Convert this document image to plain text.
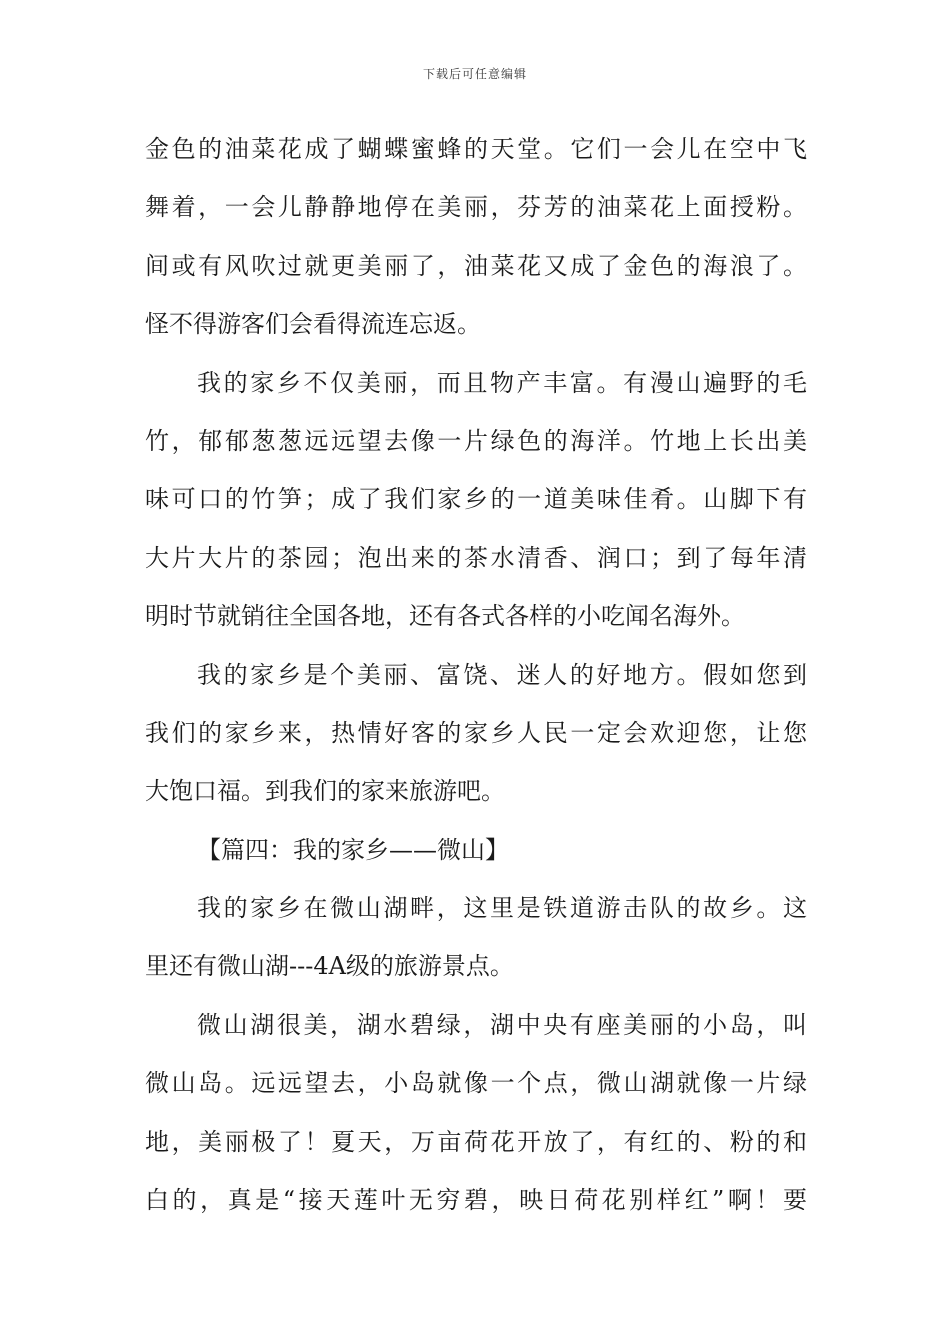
下载后可任意编辑
金色的油菜花成了蝴蝶蜜蜂的天堂。它们一会儿在空中飞
舞着，一会儿静静地停在美丽，芬芳的油菜花上面授粉。
间或有风吹过就更美丽了，油菜花又成了金色的海浪了。
怪不得游客们会看得流连忘返。
我的家乡不仅美丽，而且物产丰富。有漫山遍野的毛
竹，郁郁葱葱远远望去像一片绿色的海洋。竹地上长出美
味可口的竹笋；成了我们家乡的一道美味佳肴。山脚下有
大片大片的茶园；泡出来的茶水清香、润口；到了每年清
明时节就销往全国各地，还有各式各样的小吃闻名海外。
我的家乡是个美丽、富饶、迷人的好地方。假如您到
我们的家乡来，热情好客的家乡人民一定会欢迎您，让您
大饱口福。到我们的家来旅游吧。
【篇四：我的家乡——微山】
我的家乡在微山湖畔，这里是铁道游击队的故乡。这
里还有微山湖---4A级的旅游景点。
微山湖很美，湖水碧绿，湖中央有座美丽的小岛，叫
微山岛。远远望去，小岛就像一个点，微山湖就像一片绿
地，美丽极了！夏天，万亩荷花开放了，有红的、粉的和
白的，真是“接天莲叶无穷碧，映日荷花别样红”啊！要
